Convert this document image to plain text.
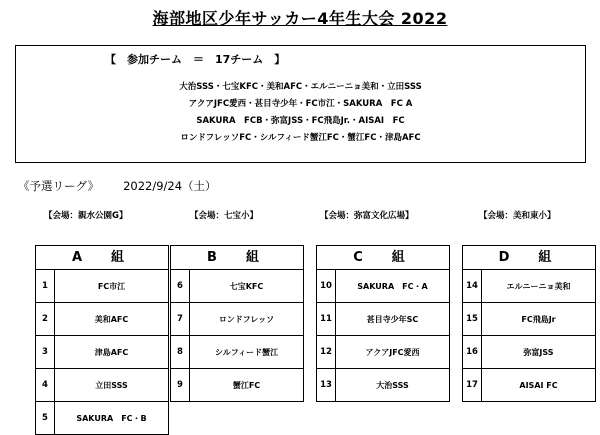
海部地区少年サッカー4年生大会 2022
【　参加チーム　＝　17チーム　】
大治SSS・七宝KFC・美和AFC・エルニーニョ美和・立田SSS
アクアJFC愛西・甚目寺少年・FC市江・SAKURA　FC A
SAKURA　FCB・弥富JSS・FC飛島Jr.・AISAI　FC
ロンドフレッソFC・シルフィード蟹江FC・蟹江FC・津島AFC
《予選リーグ》 2022/9/24（土）
【会場：親水公園G】	【会場：七宝小】	【会場：弥富文化広場】	【会場：美和東小】
A　組
1	FC市江
2	美和AFC
3	津島AFC
4	立田SSS
5	SAKURA　FC・B
B　組
6	七宝KFC
7	ロンドフレッソ
8	シルフィード蟹江
9	蟹江FC
C　組
10	SAKURA　FC・A
11	甚目寺少年SC
12	アクアJFC愛西
13	大治SSS
D　組
14	エルニーニョ美和
15	FC飛島Jr
16	弥富JSS
17	AISAI FC
